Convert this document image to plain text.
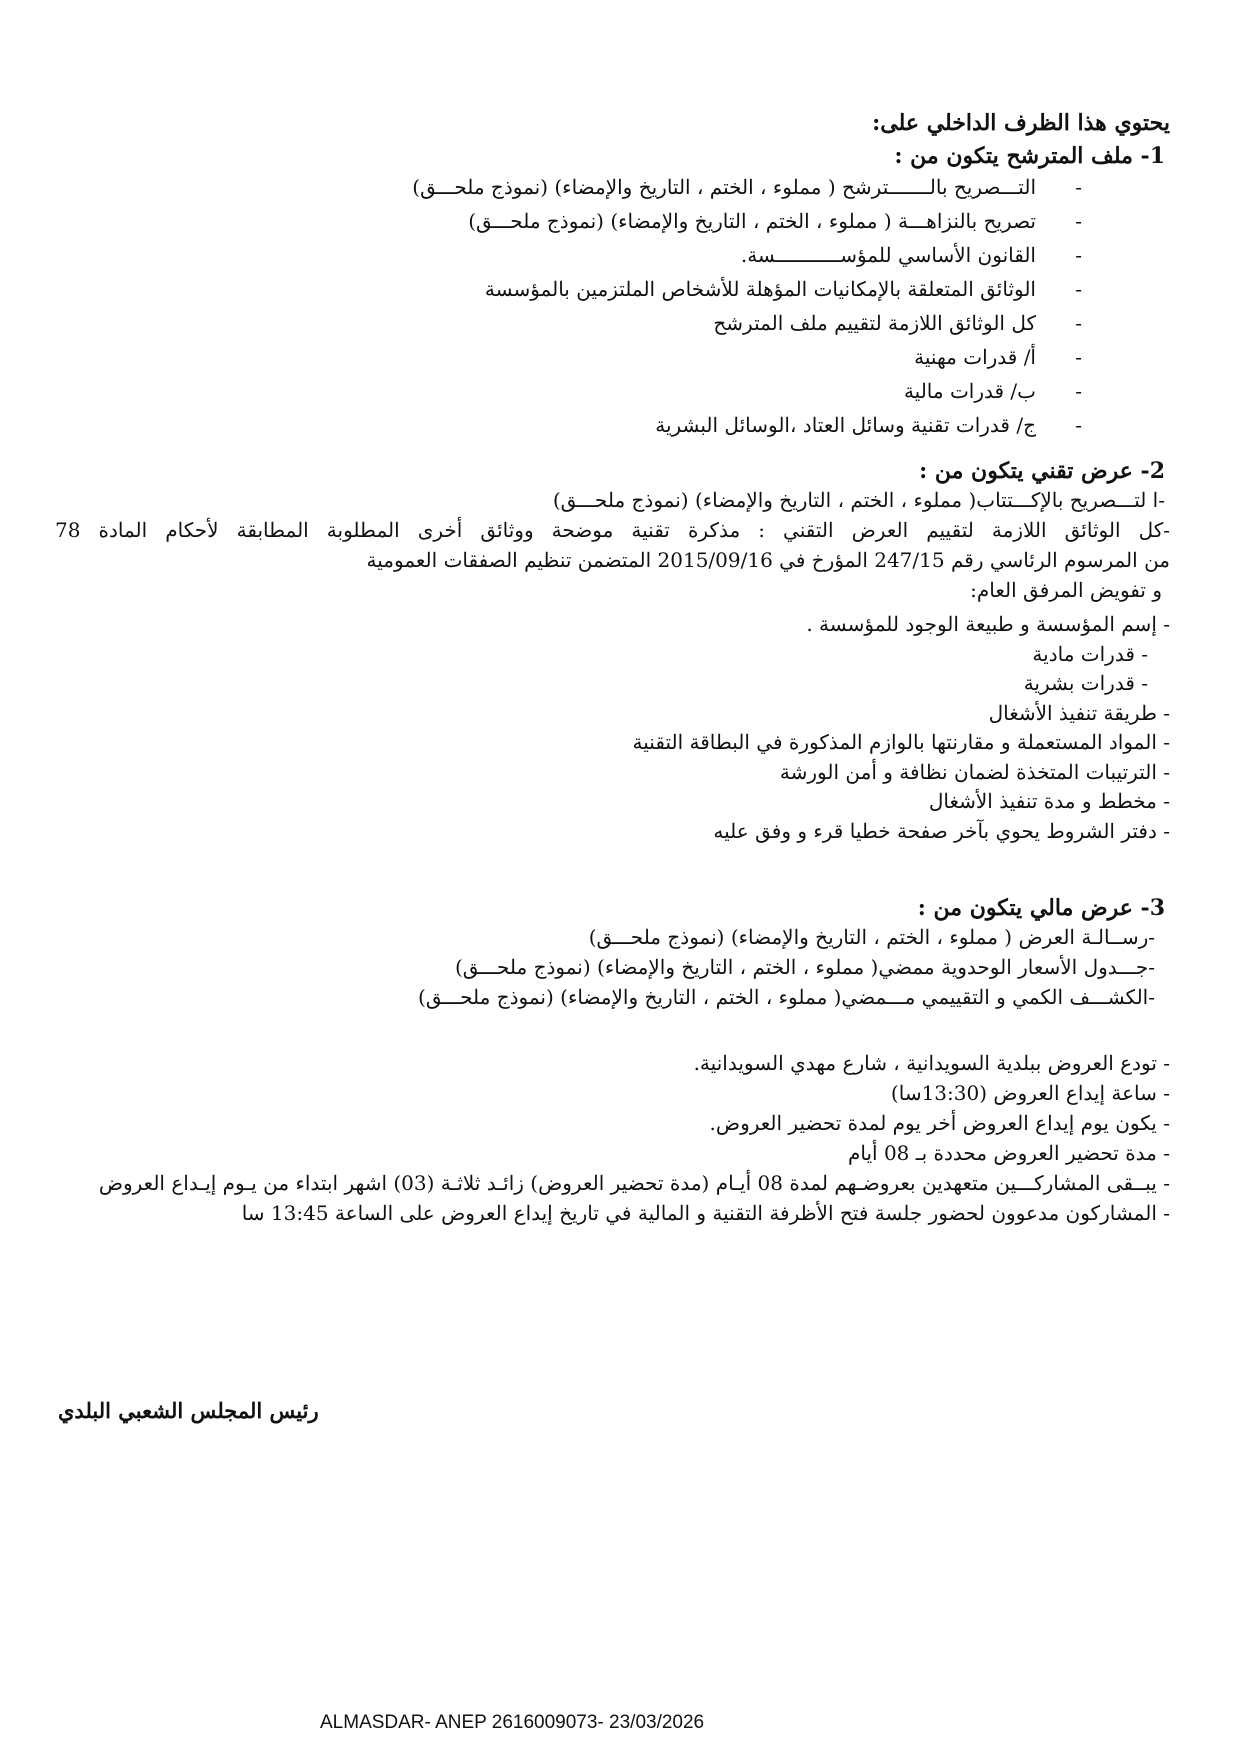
يحتوي هذا الظرف الداخلي على:
1- ملف المترشح يتكون من :
- التـــصريح بالـــــــترشح ( مملوء ، الختم ، التاريخ والإمضاء) (نموذج ملحـــق)
- تصريح بالنزاهـــة ( مملوء ، الختم ، التاريخ والإمضاء) (نموذج ملحـــق)
- القانون الأساسي للمؤســـــــــــسة.
- الوثائق المتعلقة بالإمكانيات المؤهلة للأشخاص الملتزمين بالمؤسسة
- كل الوثائق اللازمة لتقييم ملف المترشح
- أ/ قدرات مهنية
- ب/ قدرات مالية
- ج/ قدرات تقنية وسائل العتاد ،الوسائل البشرية
2- عرض تقني يتكون من :
-ا لتـــصريح بالإكـــتتاب( مملوء ، الختم ، التاريخ والإمضاء) (نموذج ملحـــق)
-كل الوثائق اللازمة لتقييم العرض التقني : مذكرة تقنية موضحة ووثائق أخرى المطلوبة المطابقة لأحكام المادة 78
من المرسوم الرئاسي رقم 247/15 المؤرخ في 2015/09/16 المتضمن تنظيم الصفقات العمومية
و تفويض المرفق العام:
- إسم المؤسسة و طبيعة الوجود للمؤسسة .
- قدرات مادية
- قدرات بشرية
- طريقة تنفيذ الأشغال
- المواد المستعملة و مقارنتها بالوازم المذكورة في البطاقة التقنية
- الترتيبات المتخذة لضمان نظافة و أمن الورشة
- مخطط و مدة تنفيذ الأشغال
- دفتر الشروط يحوي بآخر صفحة خطيا قرء و وفق عليه
3- عرض مالي يتكون من :
-رســالـة العرض ( مملوء ، الختم ، التاريخ والإمضاء) (نموذج ملحـــق)
-جـــدول الأسعار الوحدوية ممضي( مملوء ، الختم ، التاريخ والإمضاء) (نموذج ملحـــق)
-الكشـــف الكمي و التقييمي مـــمضي( مملوء ، الختم ، التاريخ والإمضاء) (نموذج ملحـــق)
- تودع العروض ببلدية السويدانية ، شارع مهدي السويدانية.
- ساعة إيداع العروض (13:30سا)
- يكون يوم إيداع العروض أخر يوم لمدة تحضير العروض.
- مدة تحضير العروض محددة بـ 08 أيام
- يبــقى المشاركـــين متعهدين بعروضـهم لمدة 08 أيـام (مدة تحضير العروض) زائـد ثلاثـة (03) اشهر ابتداء من يـوم إيـداع العروض
- المشاركون مدعوون لحضور جلسة فتح الأظرفة التقنية و المالية في تاريخ إيداع العروض على الساعة 13:45 سا
رئيس المجلس الشعبي البلدي
ALMASDAR- ANEP 2616009073- 23/03/2026
